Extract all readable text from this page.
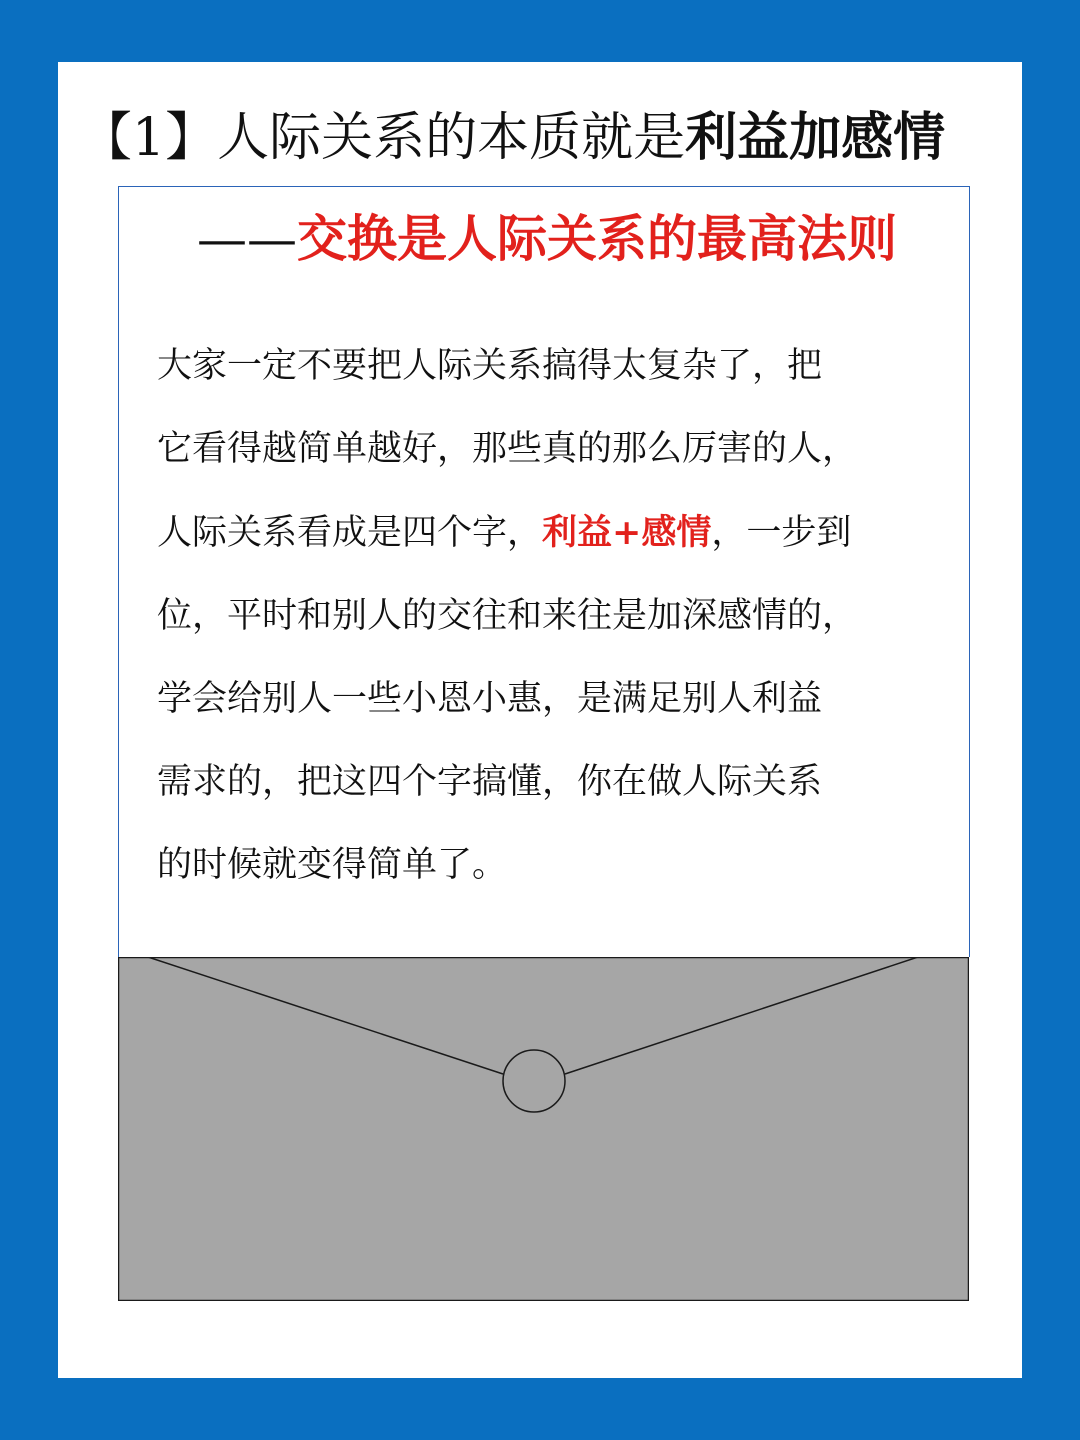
【1】人际关系的本质就是利益加感情
——交换是人际关系的最高法则

大家一定不要把人际关系搞得太复杂了，把
它看得越简单越好，那些真的那么厉害的人，
人际关系看成是四个字，利益+感情，一步到
位，平时和别人的交往和来往是加深感情的，
学会给别人一些小恩小惠，是满足别人利益
需求的，把这四个字搞懂，你在做人际关系
的时候就变得简单了。
